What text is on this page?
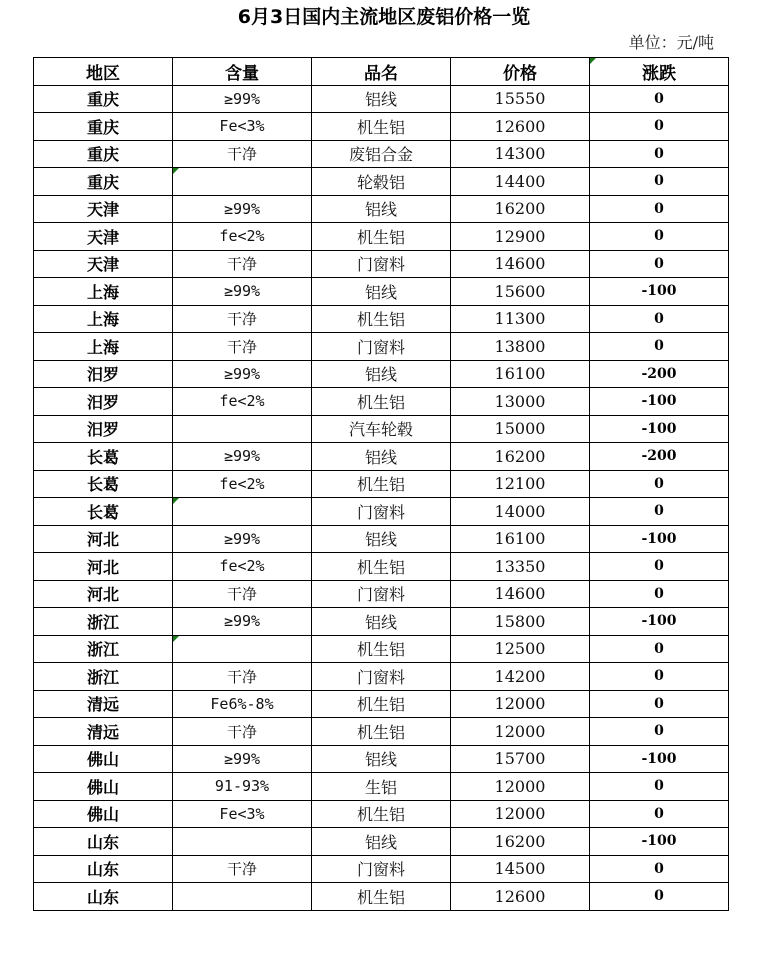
6月3日国内主流地区废铝价格一览
单位：元/吨
地区	含量	品名	价格	涨跌
重庆	≥99%	铝线	15550	0
重庆	Fe<3%	机生铝	12600	0
重庆	干净	废铝合金	14300	0
重庆		轮毂铝	14400	0
天津	≥99%	铝线	16200	0
天津	fe<2%	机生铝	12900	0
天津	干净	门窗料	14600	0
上海	≥99%	铝线	15600	-100
上海	干净	机生铝	11300	0
上海	干净	门窗料	13800	0
汨罗	≥99%	铝线	16100	-200
汨罗	fe<2%	机生铝	13000	-100
汨罗		汽车轮毂	15000	-100
长葛	≥99%	铝线	16200	-200
长葛	fe<2%	机生铝	12100	0
长葛		门窗料	14000	0
河北	≥99%	铝线	16100	-100
河北	fe<2%	机生铝	13350	0
河北	干净	门窗料	14600	0
浙江	≥99%	铝线	15800	-100
浙江		机生铝	12500	0
浙江	干净	门窗料	14200	0
清远	Fe6%-8%	机生铝	12000	0
清远	干净	机生铝	12000	0
佛山	≥99%	铝线	15700	-100
佛山	91-93%	生铝	12000	0
佛山	Fe<3%	机生铝	12000	0
山东		铝线	16200	-100
山东	干净	门窗料	14500	0
山东		机生铝	12600	0
